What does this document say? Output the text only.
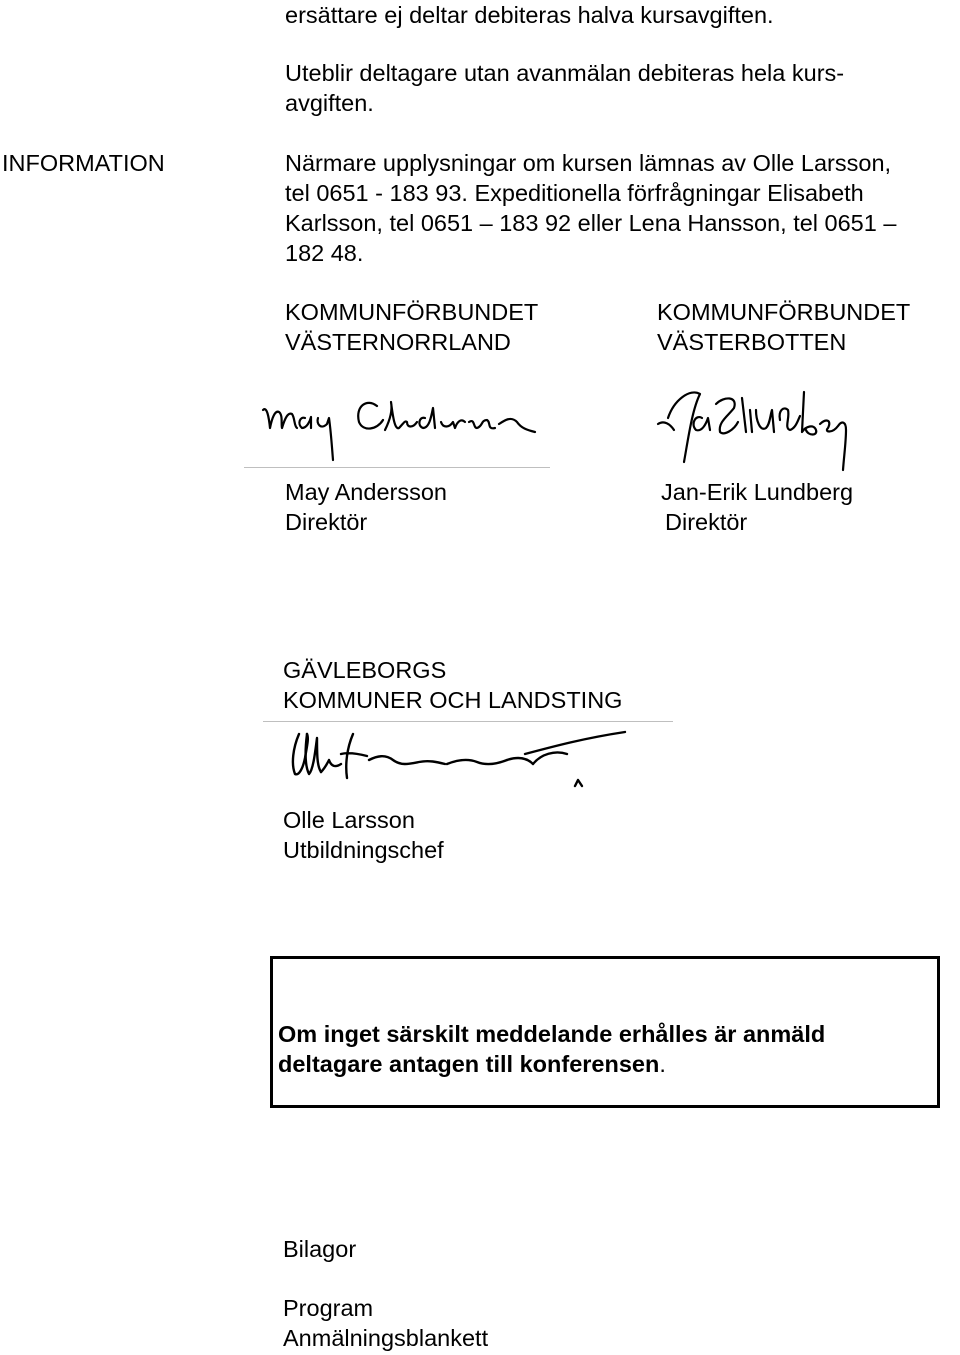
ersättare ej deltar debiteras halva kursavgiften.

Uteblir deltagare utan avanmälan debiteras hela kurs-

avgiften.

INFORMATION	Närmare upplysningar om kursen lämnas av Olle Larsson,

tel 0651 - 183 93. Expeditionella förfrågningar Elisabeth

Karlsson, tel 0651 – 183 92 eller Lena Hansson, tel 0651 –

182 48.

KOMMUNFÖRBUNDET

VÄSTERNORRLAND

May Andersson

Direktör

KOMMUNFÖRBUNDET

VÄSTERBOTTEN

Jan-Erik Lundberg

Direktör

GÄVLEBORGS

KOMMUNER OCH LANDSTING

Olle Larsson

Utbildningschef

Om inget särskilt meddelande erhålles är anmäld
deltagare antagen till konferensen.

Bilagor

Program

Anmälningsblankett
